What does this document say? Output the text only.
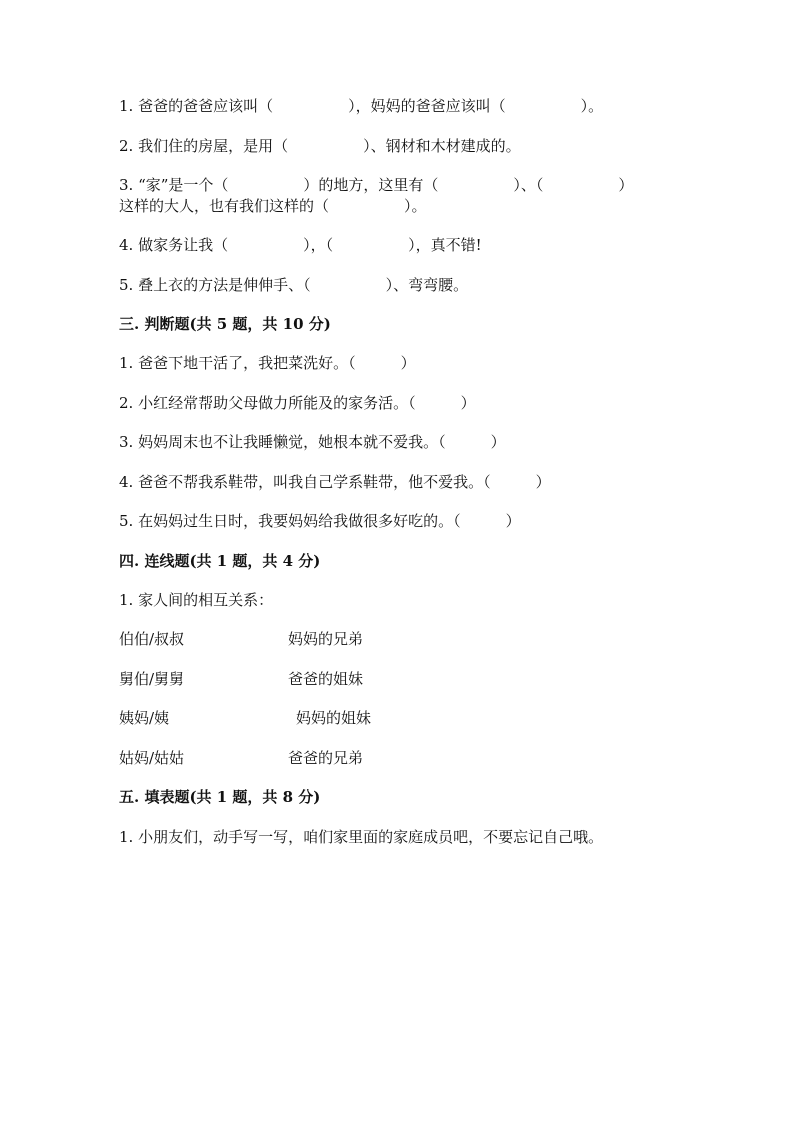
1. 爸爸的爸爸应该叫（　　　　　），妈妈的爸爸应该叫（　　　　　）。
2. 我们住的房屋，是用（　　　　　）、钢材和木材建成的。
3. “家”是一个（　　　　　）的地方，这里有（　　　　　）、（　　　　　）
这样的大人，也有我们这样的（　　　　　）。
4. 做家务让我（　　　　　），（　　　　　），真不错!
5. 叠上衣的方法是伸伸手、（　　　　　）、弯弯腰。
三. 判断题(共 5 题，共 10 分)
1. 爸爸下地干活了，我把菜洗好。（　　　）
2. 小红经常帮助父母做力所能及的家务活。（　　　）
3. 妈妈周末也不让我睡懒觉，她根本就不爱我。（　　　）
4. 爸爸不帮我系鞋带，叫我自己学系鞋带，他不爱我。（　　　）
5. 在妈妈过生日时，我要妈妈给我做很多好吃的。（　　　）
四. 连线题(共 1 题，共 4 分)
1. 家人间的相互关系：
伯伯/叔叔	妈妈的兄弟
舅伯/舅舅	爸爸的姐妹
姨妈/姨	妈妈的姐妹
姑妈/姑姑	爸爸的兄弟
五. 填表题(共 1 题，共 8 分)
1. 小朋友们，动手写一写，咱们家里面的家庭成员吧，不要忘记自己哦。
